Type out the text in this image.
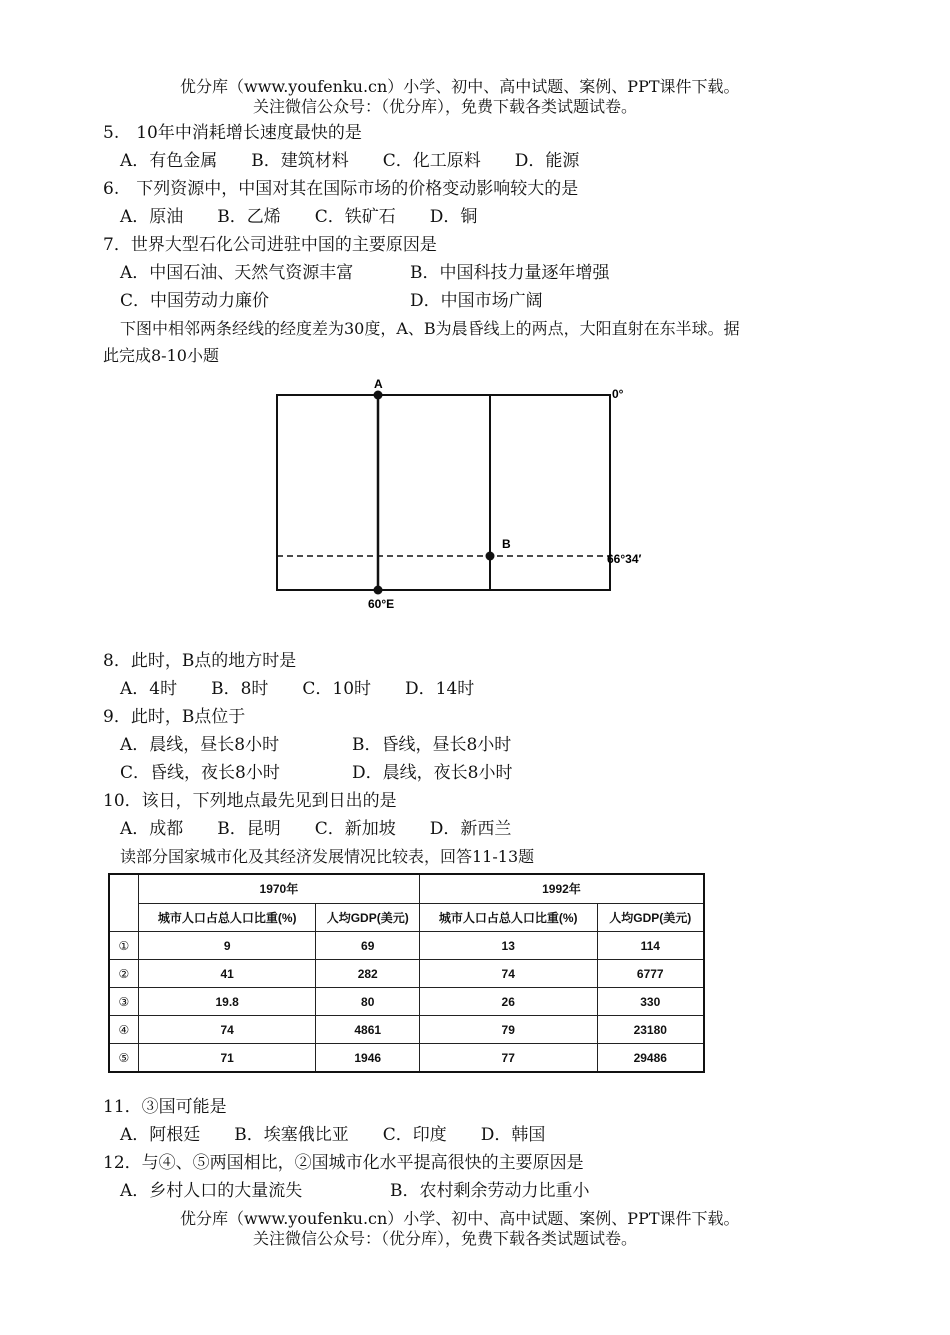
优分库（www.youfenku.cn）小学、初中、高中试题、案例、PPT课件下载。
关注微信公众号：（优分库），免费下载各类试题试卷。
5.　10年中消耗增长速度最快的是
A．有色金属　　B．建筑材料　　C．化工原料　　D．能源
6.　下列资源中，中国对其在国际市场的价格变动影响较大的是
A．原油　　B．乙烯　　C．铁矿石　　D．铜
7．世界大型石化公司进驻中国的主要原因是
A．中国石油、天然气资源丰富	B．中国科技力量逐年增强
C．中国劳动力廉价	D．中国市场广阔
下图中相邻两条经线的经度差为30度，A、B为晨昏线上的两点，大阳直射在东半球。据
此完成8-10小题
A
B
0°
66°34′
60°E
8．此时，B点的地方时是
A．4时　　B．8时　　C．10时　　D．14时
9．此时，B点位于
A．晨线，昼长8小时	B．昏线，昼长8小时
C．昏线，夜长8小时	D．晨线，夜长8小时
10．该日，下列地点最先见到日出的是
A．成都　　B．昆明　　C．新加坡　　D．新西兰
读部分国家城市化及其经济发展情况比较表，回答11-13题
	1970年		1992年	
	城市人口占总人口比重(%)	人均GDP(美元)	城市人口占总人口比重(%)	人均GDP(美元)
①	9	69	13	114
②	41	282	74	6777
③	19.8	80	26	330
④	74	4861	79	23180
⑤	71	1946	77	29486
11．③国可能是
A．阿根廷　　B．埃塞俄比亚　　C．印度　　D．韩国
12．与④、⑤两国相比，②国城市化水平提高很快的主要原因是
A．乡村人口的大量流失	B．农村剩余劳动力比重小
优分库（www.youfenku.cn）小学、初中、高中试题、案例、PPT课件下载。
关注微信公众号：（优分库），免费下载各类试题试卷。
